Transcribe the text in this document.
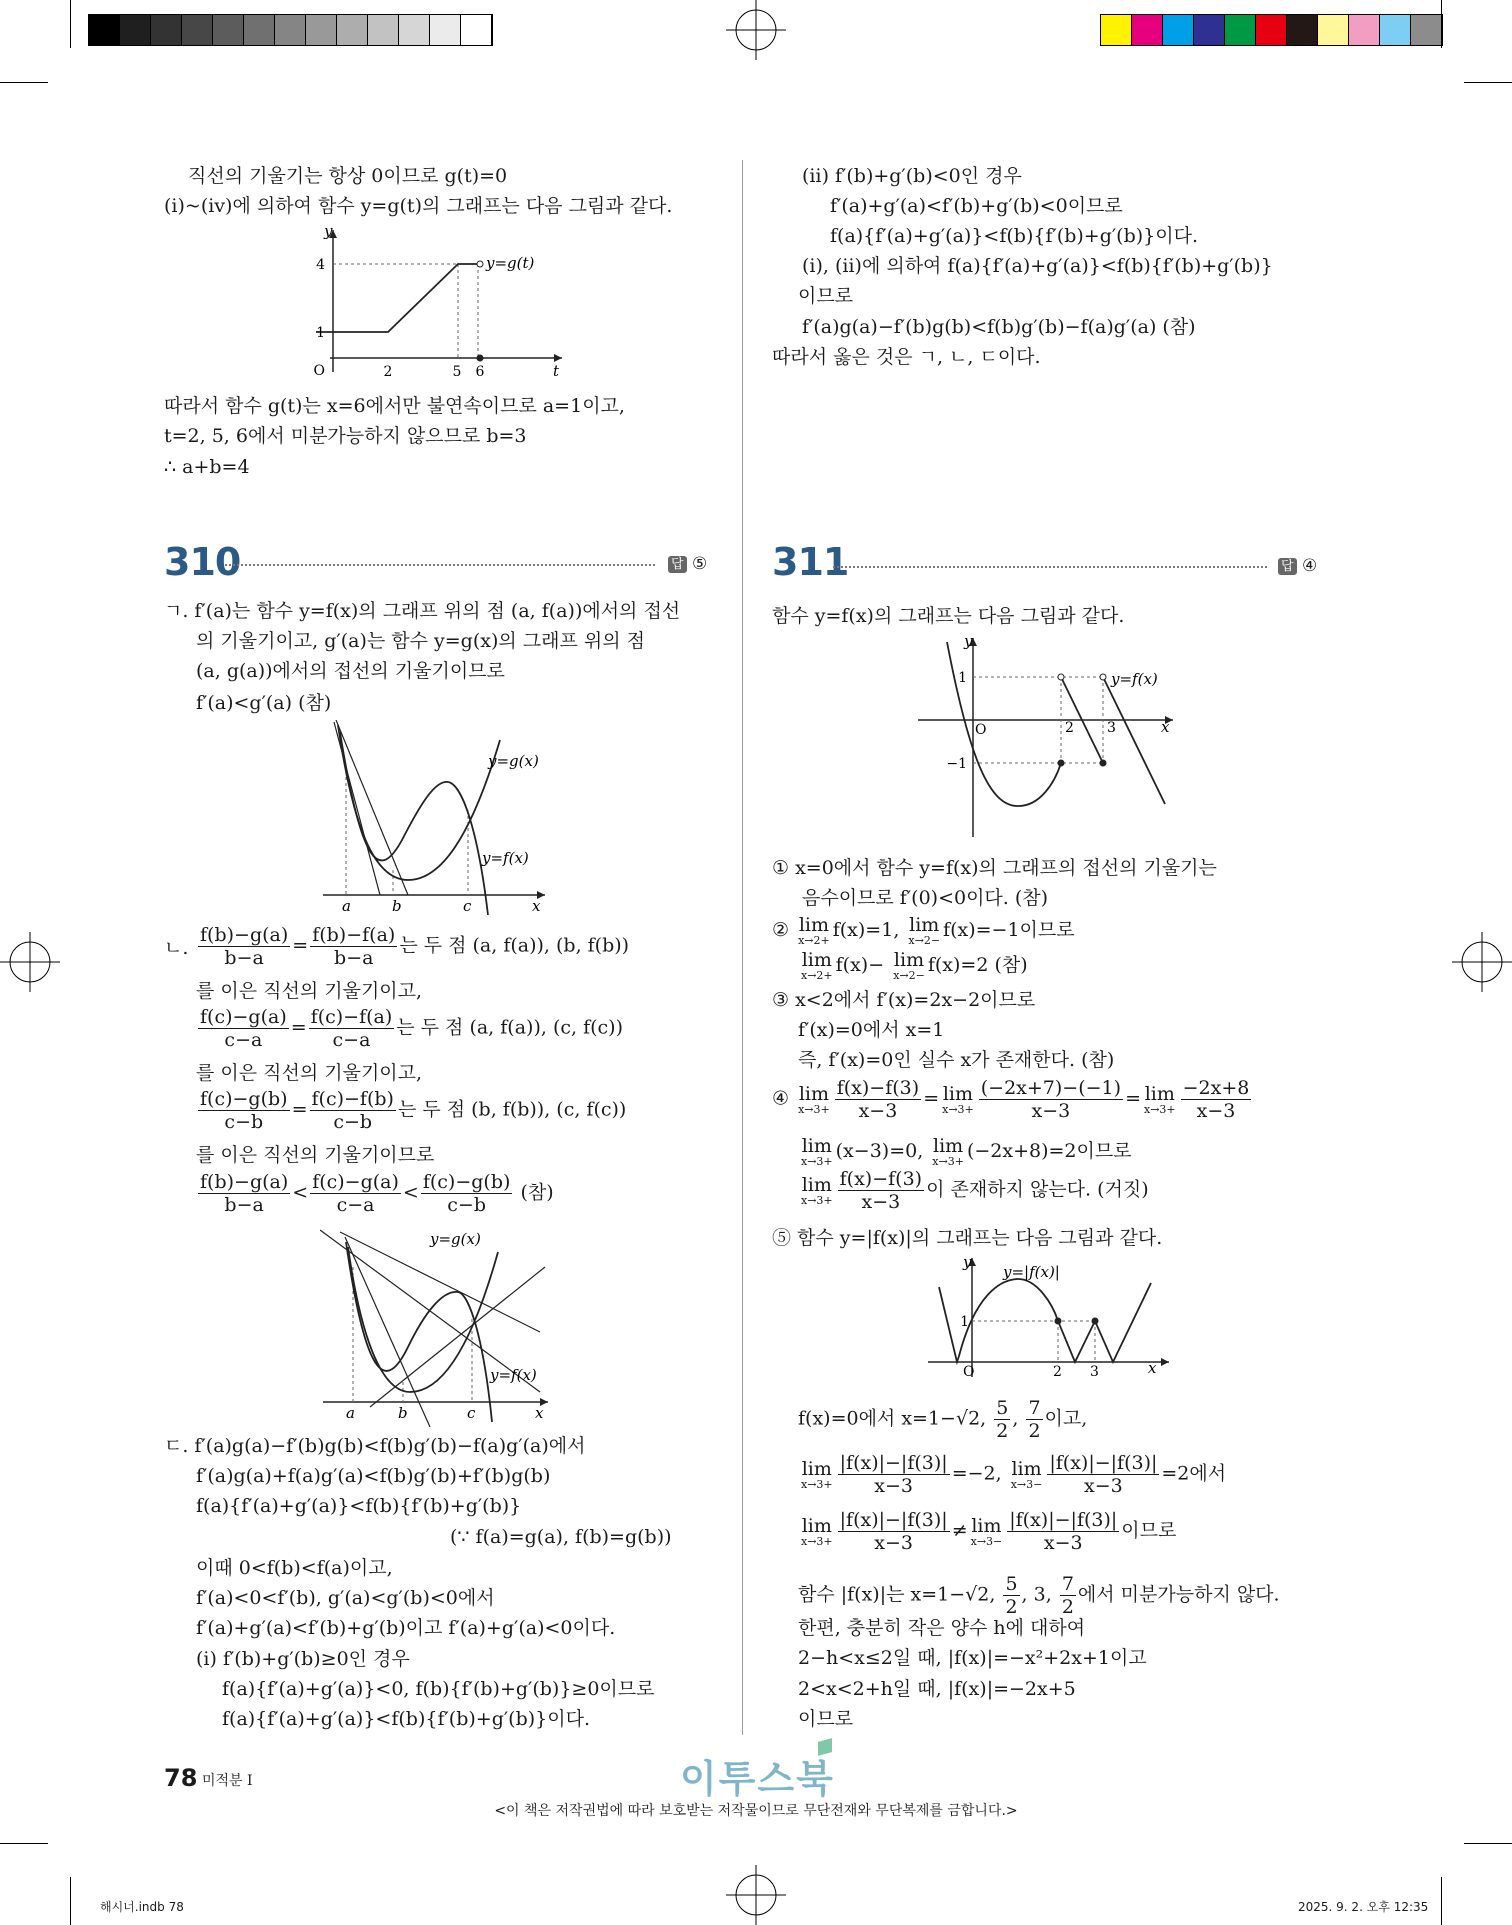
직선의 기울기는 항상 0이므로 g(t)=0
(ⅰ)~(ⅳ)에 의하여 함수 y=g(t)의 그래프는 다음 그림과 같다.
y
4
1
O	2	5 6	t
y=g(t)
따라서 함수 g(t)는 x=6에서만 불연속이므로 a=1이고,
t=2, 5, 6에서 미분가능하지 않으므로 b=3
∴ a+b=4
310	답 ⑤
ㄱ. f′(a)는 함수 y=f(x)의 그래프 위의 점 (a, f(a))에서의 접선
의 기울기이고, g′(a)는 함수 y=g(x)의 그래프 위의 점
(a, g(a))에서의 접선의 기울기이므로
f′(a)<g′(a) (참)
y=g(x)
y=f(x)
a	b	c	x
ㄴ. $\frac{f(b)-g(a)}{b-a} = \frac{f(b)-f(a)}{b-a}$ 는 두 점 (a, f(a)), (b, f(b))
를 이은 직선의 기울기이고,
$\frac{f(c)-g(a)}{c-a} = \frac{f(c)-f(a)}{c-a}$ 는 두 점 (a, f(a)), (c, f(c))
를 이은 직선의 기울기이고,
$\frac{f(c)-g(b)}{c-b} = \frac{f(c)-f(b)}{c-b}$ 는 두 점 (b, f(b)), (c, f(c))
를 이은 직선의 기울기이므로
$\frac{f(b)-g(a)}{b-a} < \frac{f(c)-g(a)}{c-a} < \frac{f(c)-g(b)}{c-b}$ (참)
y=g(x)
y=f(x)
a	b	c	x
ㄷ. f′(a)g(a)−f′(b)g(b)<f(b)g′(b)−f(a)g′(a)에서
f′(a)g(a)+f(a)g′(a)<f(b)g′(b)+f′(b)g(b)
f(a){f′(a)+g′(a)}<f(b){f′(b)+g′(b)}
(∵ f(a)=g(a), f(b)=g(b))
이때 0<f(b)<f(a)이고,
f′(a)<0<f′(b), g′(a)<g′(b)<0에서
f′(a)+g′(a)<f′(b)+g′(b)이고 f′(a)+g′(a)<0이다.
(ⅰ) f′(b)+g′(b)≥0인 경우
f(a){f′(a)+g′(a)}<0, f(b){f′(b)+g′(b)}≥0이므로
f(a){f′(a)+g′(a)}<f(b){f′(b)+g′(b)}이다.
(ⅱ) f′(b)+g′(b)<0인 경우
f′(a)+g′(a)<f′(b)+g′(b)<0이므로
f(a){f′(a)+g′(a)}<f(b){f′(b)+g′(b)}이다.
(ⅰ), (ⅱ)에 의하여 f(a){f′(a)+g′(a)}<f(b){f′(b)+g′(b)}
이므로
f′(a)g(a)−f′(b)g(b)<f(b)g′(b)−f(a)g′(a) (참)
따라서 옳은 것은 ㄱ, ㄴ, ㄷ이다.
311	답 ④
함수 y=f(x)의 그래프는 다음 그림과 같다.
y
1
−1
O	2 3	x
y=f(x)
① x=0에서 함수 y=f(x)의 그래프의 접선의 기울기는
음수이므로 f′(0)<0이다. (참)
② lim
x→2+ f(x)=1, lim
x→2− f(x)=−1이므로
lim
x→2+ f(x)− lim
x→2− f(x)=2 (참)
③ x<2에서 f′(x)=2x−2이므로
f′(x)=0에서 x=1
즉, f′(x)=0인 실수 x가 존재한다. (참)
④ lim
$x\to 3+ \frac{f(x)-f(3)}{x-3} = \lim$
$x\to 3+ \frac{(-2x+7)-(-1)}{x-3} = \lim$
$x\to 3+ \frac{-2x+8}{x-3}$
lim
x→3+ (x−3)=0, lim
x→3+ (−2x+8)=2이므로
lim
$x\to 3+ \frac{f(x)-f(3)}{x-3}$ 이 존재하지 않는다. (거짓)
⑤ 함수 y=|f(x)|의 그래프는 다음 그림과 같다.
y
1
O	2 3	x
y=|f(x)|
f(x)=0에서 x=1−√2, $\frac{5}{2}$ , $\frac{7}{2}$ 이고,
lim
$x\to 3+ \frac{|f(x)|-|f(3)|}{x-3} =-2$, lim
$x\to 3- \frac{|f(x)|-|f(3)|}{x-3} =2$에서
lim
$x\to 3+ \frac{|f(x)|-|f(3)|}{x-3} \ne \lim$
$x\to 3- \frac{|f(x)|-|f(3)|}{x-3}$ 이므로
함수 |f(x)|는 x=1−√2, $\frac{5}{2}$ , 3, $\frac{7}{2}$ 에서 미분가능하지 않다.
한편, 충분히 작은 양수 h에 대하여
2−h<x≤2일 때, |f(x)|=−x²+2x+1이고
2<x<2+h일 때, |f(x)|=−2x+5
이므로
78 미적분 Ⅰ	이투스북
<이 책은 저작권법에 따라 보호받는 저작물이므로 무단전재와 무단복제를 금합니다.>
해시너.indb 78	2025. 9. 2. 오후 12:35
